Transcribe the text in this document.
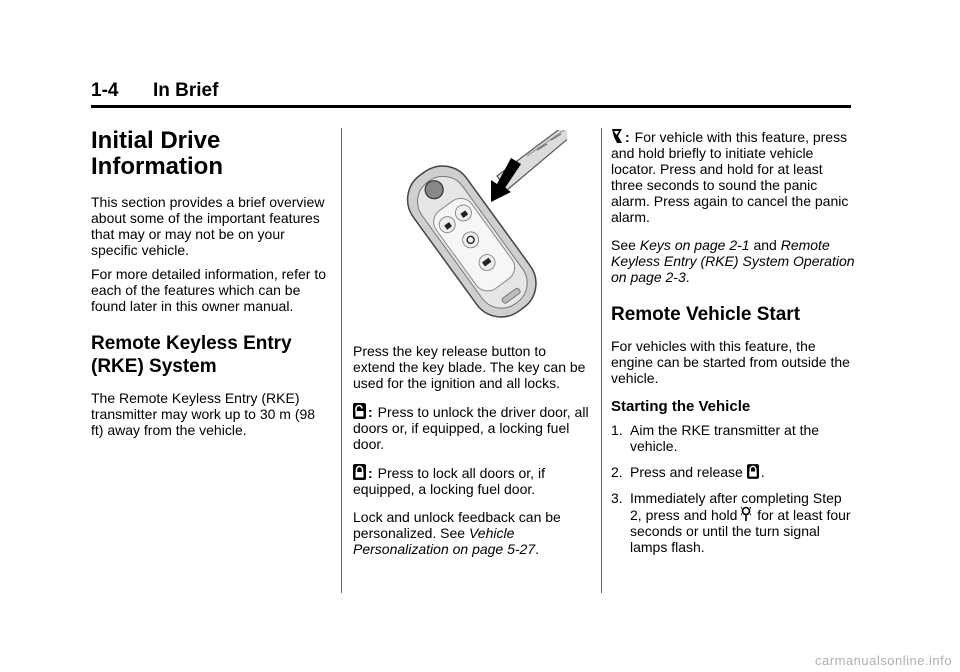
1-4 In Brief
Initial Drive Information

This section provides a brief overview about some of the important features that may or may not be on your specific vehicle.

For more detailed information, refer to each of the features which can be found later in this owner manual.

Remote Keyless Entry (RKE) System

The Remote Keyless Entry (RKE) transmitter may work up to 30 m (98 ft) away from the vehicle.

Press the key release button to extend the key blade. The key can be used for the ignition and all locks.

: Press to unlock the driver door, all doors or, if equipped, a locking fuel door.

: Press to lock all doors or, if equipped, a locking fuel door.

Lock and unlock feedback can be personalized. See Vehicle Personalization on page 5‑27.

: For vehicle with this feature, press and hold briefly to initiate vehicle locator. Press and hold for at least three seconds to sound the panic alarm. Press again to cancel the panic alarm.

See Keys on page 2‑1 and Remote Keyless Entry (RKE) System Operation on page 2‑3.

Remote Vehicle Start

For vehicles with this feature, the engine can be started from outside the vehicle.

Starting the Vehicle
1. Aim the RKE transmitter at the vehicle.
2. Press and release .
3. Immediately after completing Step 2, press and hold for at least four seconds or until the turn signal lamps flash.
carmanualsonline.info
